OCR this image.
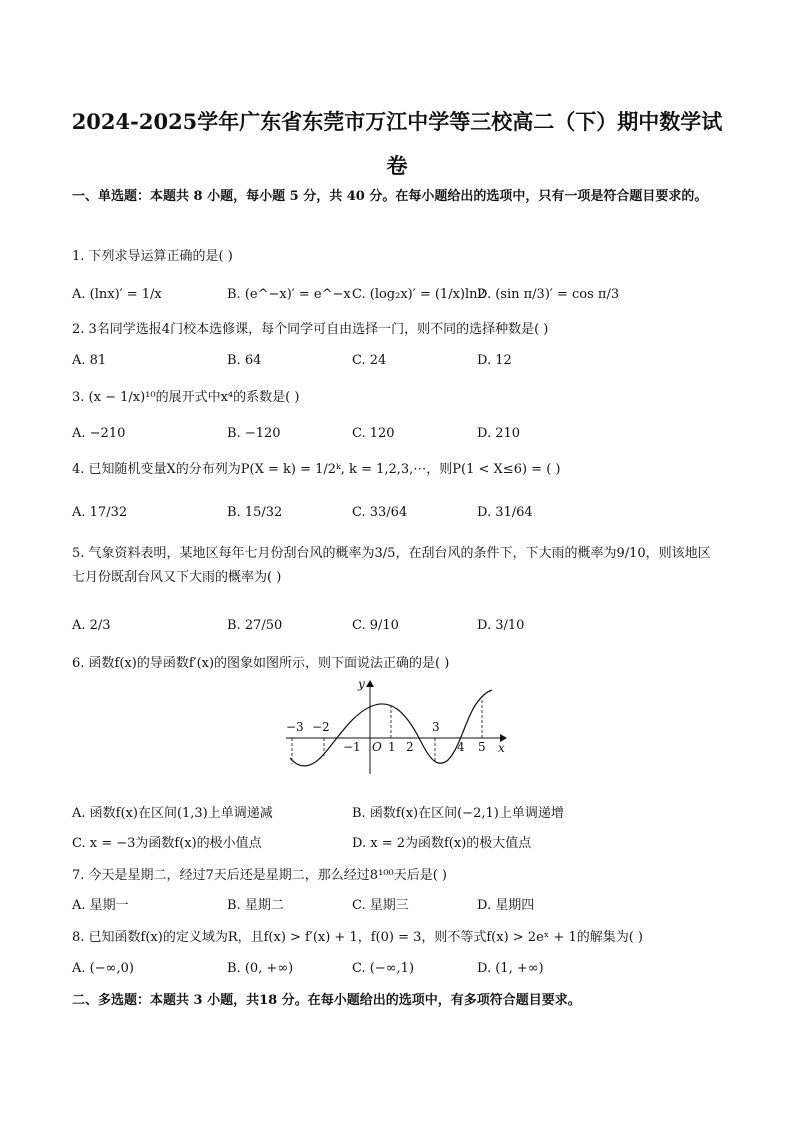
2024-2025学年广东省东莞市万江中学等三校高二（下）期中数学试
卷
一、单选题：本题共 8 小题，每小题 5 分，共 40 分。在每小题给出的选项中，只有一项是符合题目要求的。
1. 下列求导运算正确的是( )
A. (lnx)′ = 1/x	B. (e^−x)′ = e^−x C. (log₂x)′ = (1/x)ln2
D. (sin π/3)′ = cos π/3
2. 3名同学选报4门校本选修课，每个同学可自由选择一门，则不同的选择种数是( )
A. 81	B. 64	C. 24	D. 12
3. (x − 1/x)¹⁰的展开式中x⁴的系数是( )
A. −210	B. −120	C. 120	D. 210
4. 已知随机变量X的分布列为P(X = k) = 1/2ᵏ, k = 1,2,3,⋯，则P(1 < X≤6) = ( )
A. 17/32	B. 15/32	C. 33/64	D. 31/64
5. 气象资料表明，某地区每年七月份刮台风的概率为3/5，在刮台风的条件下，下大雨的概率为9/10，则该地区七月份既刮台风又下大雨的概率为( )
A. 2/3	B. 27/50	C. 9/10	D. 3/10
6. 函数f(x)的导函数f′(x)的图象如图所示，则下面说法正确的是( )
y
x
O
−3 −2
−1 1 2
3
4 5
A. 函数f(x)在区间(1,3)上单调递减	B. 函数f(x)在区间(−2,1)上单调递增
C. x = −3为函数f(x)的极小值点	D. x = 2为函数f(x)的极大值点
7. 今天是星期二，经过7天后还是星期二，那么经过8¹⁰⁰天后是( )
A. 星期一	B. 星期二	C. 星期三	D. 星期四
8. 已知函数f(x)的定义域为R，且f(x) > f′(x) + 1，f(0) = 3，则不等式f(x) > 2eˣ + 1的解集为( )
A. (−∞,0)	B. (0, +∞)	C. (−∞,1)	D. (1, +∞)
二、多选题：本题共 3 小题，共18 分。在每小题给出的选项中，有多项符合题目要求。
